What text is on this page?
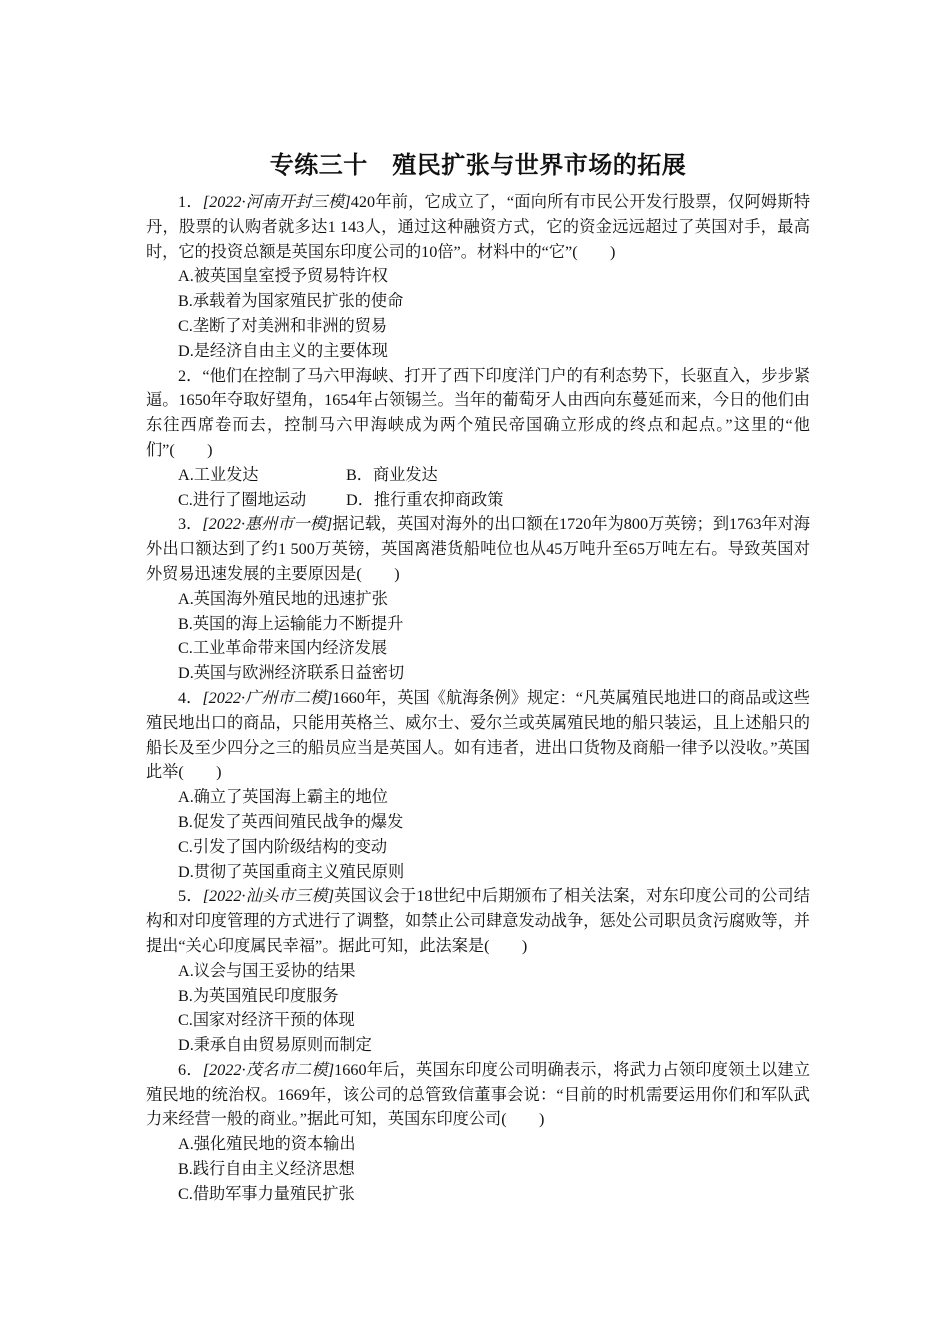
专练三十　殖民扩张与世界市场的拓展

1．[2022·河南开封三模]420年前，它成立了，“面向所有市民公开发行股票，仅阿姆斯特丹，股票的认购者就多达1 143人，通过这种融资方式，它的资金远远超过了英国对手，最高时，它的投资总额是英国东印度公司的10倍”。材料中的“它”(　　)

A.被英国皇室授予贸易特许权

B.承载着为国家殖民扩张的使命

C.垄断了对美洲和非洲的贸易

D.是经济自由主义的主要体现

2．“他们在控制了马六甲海峡、打开了西下印度洋门户的有利态势下，长驱直入，步步紧逼。1650年夺取好望角，1654年占领锡兰。当年的葡萄牙人由西向东蔓延而来，今日的他们由东往西席卷而去，控制马六甲海峡成为两个殖民帝国确立形成的终点和起点。”这里的“他们”(　　)

A.工业发达	B．商业发达
C.进行了圈地运动	D．推行重农抑商政策

3．[2022·惠州市一模]据记载，英国对海外的出口额在1720年为800万英镑；到1763年对海外出口额达到了约1 500万英镑，英国离港货船吨位也从45万吨升至65万吨左右。导致英国对外贸易迅速发展的主要原因是(　　)

A.英国海外殖民地的迅速扩张

B.英国的海上运输能力不断提升

C.工业革命带来国内经济发展

D.英国与欧洲经济联系日益密切

4．[2022·广州市二模]1660年，英国《航海条例》规定：“凡英属殖民地进口的商品或这些殖民地出口的商品，只能用英格兰、威尔士、爱尔兰或英属殖民地的船只装运，且上述船只的船长及至少四分之三的船员应当是英国人。如有违者，进出口货物及商船一律予以没收。”英国此举(　　)

A.确立了英国海上霸主的地位

B.促发了英西间殖民战争的爆发

C.引发了国内阶级结构的变动

D.贯彻了英国重商主义殖民原则

5．[2022·汕头市三模]英国议会于18世纪中后期颁布了相关法案，对东印度公司的公司结构和对印度管理的方式进行了调整，如禁止公司肆意发动战争，惩处公司职员贪污腐败等，并提出“关心印度属民幸福”。据此可知，此法案是(　　)

A.议会与国王妥协的结果

B.为英国殖民印度服务

C.国家对经济干预的体现

D.秉承自由贸易原则而制定

6．[2022·茂名市二模]1660年后，英国东印度公司明确表示，将武力占领印度领土以建立殖民地的统治权。1669年，该公司的总管致信董事会说：“目前的时机需要运用你们和军队武力来经营一般的商业。”据此可知，英国东印度公司(　　)

A.强化殖民地的资本输出

B.践行自由主义经济思想

C.借助军事力量殖民扩张
